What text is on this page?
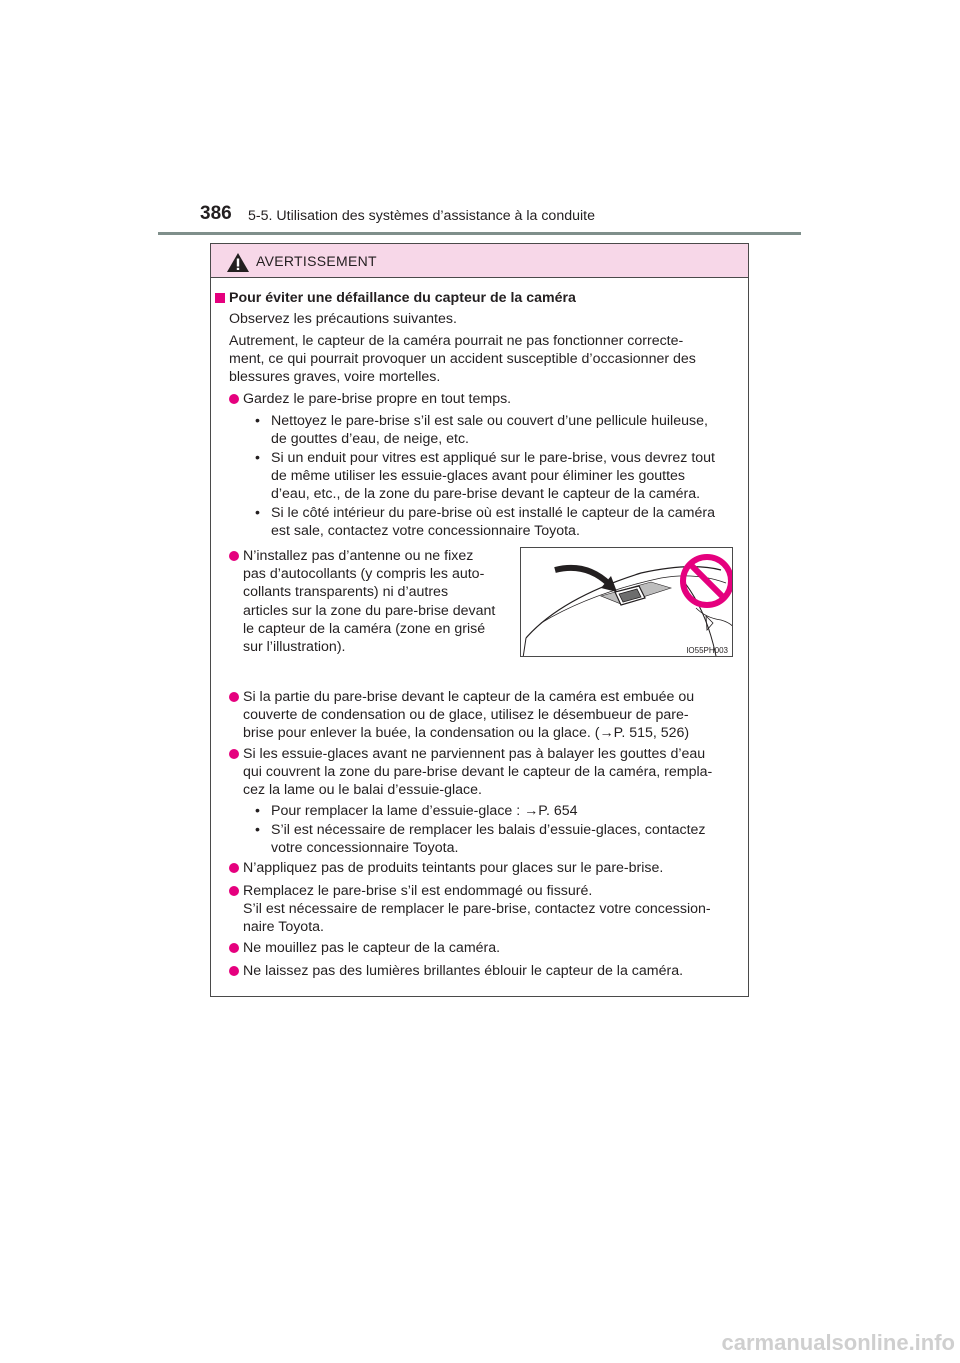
386 5-5. Utilisation des systèmes d’assistance à la conduite
AVERTISSEMENT
Pour éviter une défaillance du capteur de la caméra
Observez les précautions suivantes.
Autrement, le capteur de la caméra pourrait ne pas fonctionner correcte-
ment, ce qui pourrait provoquer un accident susceptible d’occasionner des
blessures graves, voire mortelles.
Gardez le pare-brise propre en tout temps.
• Nettoyez le pare-brise s’il est sale ou couvert d’une pellicule huileuse,
de gouttes d’eau, de neige, etc.
• Si un enduit pour vitres est appliqué sur le pare-brise, vous devrez tout
de même utiliser les essuie-glaces avant pour éliminer les gouttes
d’eau, etc., de la zone du pare-brise devant le capteur de la caméra.
• Si le côté intérieur du pare-brise où est installé le capteur de la caméra
est sale, contactez votre concessionnaire Toyota.
N’installez pas d’antenne ou ne fixez
pas d’autocollants (y compris les auto-
collants transparents) ni d’autres
articles sur la zone du pare-brise devant
le capteur de la caméra (zone en grisé
sur l’illustration).	IO55PH003
Si la partie du pare-brise devant le capteur de la caméra est embuée ou
couverte de condensation ou de glace, utilisez le désembueur de pare-
brise pour enlever la buée, la condensation ou la glace. (→P. 515, 526)
Si les essuie-glaces avant ne parviennent pas à balayer les gouttes d’eau
qui couvrent la zone du pare-brise devant le capteur de la caméra, rempla-
cez la lame ou le balai d’essuie-glace.
• Pour remplacer la lame d’essuie-glace : →P. 654
• S’il est nécessaire de remplacer les balais d’essuie-glaces, contactez
votre concessionnaire Toyota.
N’appliquez pas de produits teintants pour glaces sur le pare-brise.
Remplacez le pare-brise s’il est endommagé ou fissuré.
S’il est nécessaire de remplacer le pare-brise, contactez votre concession-
naire Toyota.
Ne mouillez pas le capteur de la caméra.
Ne laissez pas des lumières brillantes éblouir le capteur de la caméra.
carmanualsonline.info
